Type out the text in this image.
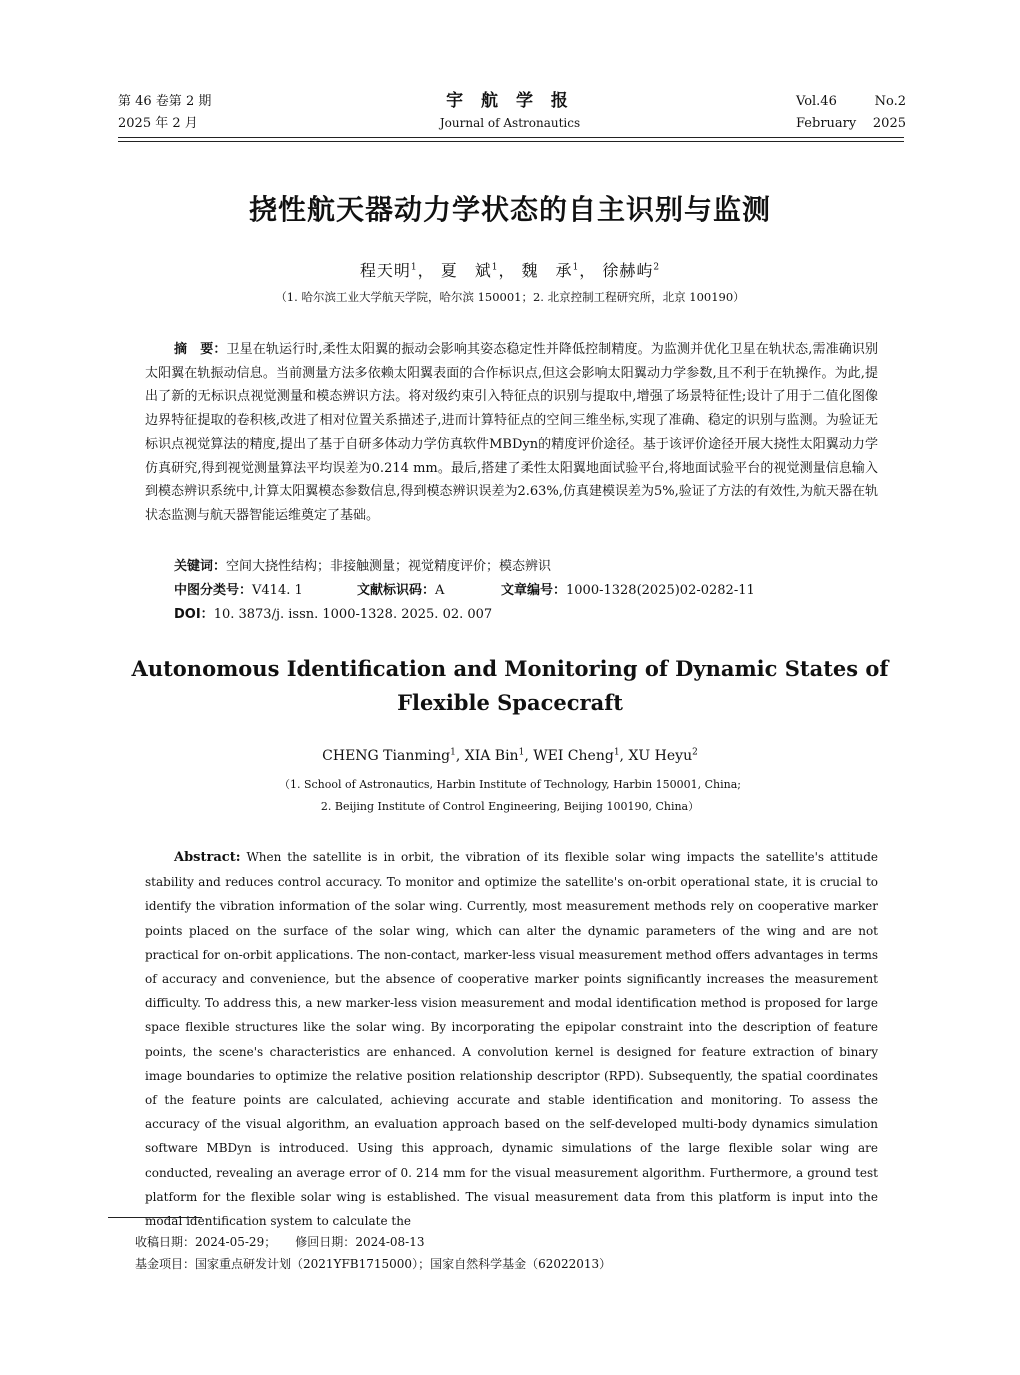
第 46 卷第 2 期
2025 年 2 月
宇 航 学 报
Journal of Astronautics
Vol.46	No.2
February 2025
挠性航天器动力学状态的自主识别与监测
程天明$^1$， 夏　斌$^1$， 魏　承$^1$， 徐赫屿$^2$
（1. 哈尔滨工业大学航天学院，哈尔滨 150001；2. 北京控制工程研究所，北京 100190）
摘　要：卫星在轨运行时,柔性太阳翼的振动会影响其姿态稳定性并降低控制精度。为监测并优化卫星在轨状态,需准确识别太阳翼在轨振动信息。当前测量方法多依赖太阳翼表面的合作标识点,但这会影响太阳翼动力学参数,且不利于在轨操作。为此,提出了新的无标识点视觉测量和模态辨识方法。将对级约束引入特征点的识别与提取中,增强了场景特征性;设计了用于二值化图像边界特征提取的卷积核,改进了相对位置关系描述子,进而计算特征点的空间三维坐标,实现了准确、稳定的识别与监测。为验证无标识点视觉算法的精度,提出了基于自研多体动力学仿真软件MBDyn的精度评价途径。基于该评价途径开展大挠性太阳翼动力学仿真研究,得到视觉测量算法平均误差为0.214 mm。最后,搭建了柔性太阳翼地面试验平台,将地面试验平台的视觉测量信息输入到模态辨识系统中,计算太阳翼模态参数信息,得到模态辨识误差为2.63%,仿真建模误差为5%,验证了方法的有效性,为航天器在轨状态监测与航天器智能运维奠定了基础。
关键词：空间大挠性结构；非接触测量；视觉精度评价；模态辨识
中图分类号：V414. 1	文献标识码：A	文章编号：1000-1328(2025)02-0282-11
DOI：10. 3873/j. issn. 1000-1328. 2025. 02. 007
Autonomous Identification and Monitoring of Dynamic States of
Flexible Spacecraft
CHENG Tianming$^1$, XIA Bin$^1$, WEI Cheng$^1$, XU Heyu$^2$
（1. School of Astronautics, Harbin Institute of Technology, Harbin 150001, China;
2. Beijing Institute of Control Engineering, Beijing 100190, China）
Abstract: When the satellite is in orbit, the vibration of its flexible solar wing impacts the satellite's attitude stability and reduces control accuracy. To monitor and optimize the satellite's on-orbit operational state, it is crucial to identify the vibration information of the solar wing. Currently, most measurement methods rely on cooperative marker points placed on the surface of the solar wing, which can alter the dynamic parameters of the wing and are not practical for on-orbit applications. The non-contact, marker-less visual measurement method offers advantages in terms of accuracy and convenience, but the absence of cooperative marker points significantly increases the measurement difficulty. To address this, a new marker-less vision measurement and modal identification method is proposed for large space flexible structures like the solar wing. By incorporating the epipolar constraint into the description of feature points, the scene's characteristics are enhanced. A convolution kernel is designed for feature extraction of binary image boundaries to optimize the relative position relationship descriptor (RPD). Subsequently, the spatial coordinates of the feature points are calculated, achieving accurate and stable identification and monitoring. To assess the accuracy of the visual algorithm, an evaluation approach based on the self-developed multi-body dynamics simulation software MBDyn is introduced. Using this approach, dynamic simulations of the large flexible solar wing are conducted, revealing an average error of 0. 214 mm for the visual measurement algorithm. Furthermore, a ground test platform for the flexible solar wing is established. The visual measurement data from this platform is input into the modal identification system to calculate the
收稿日期：2024-05-29； 修回日期：2024-08-13
基金项目：国家重点研发计划（2021YFB1715000）；国家自然科学基金（62022013）
